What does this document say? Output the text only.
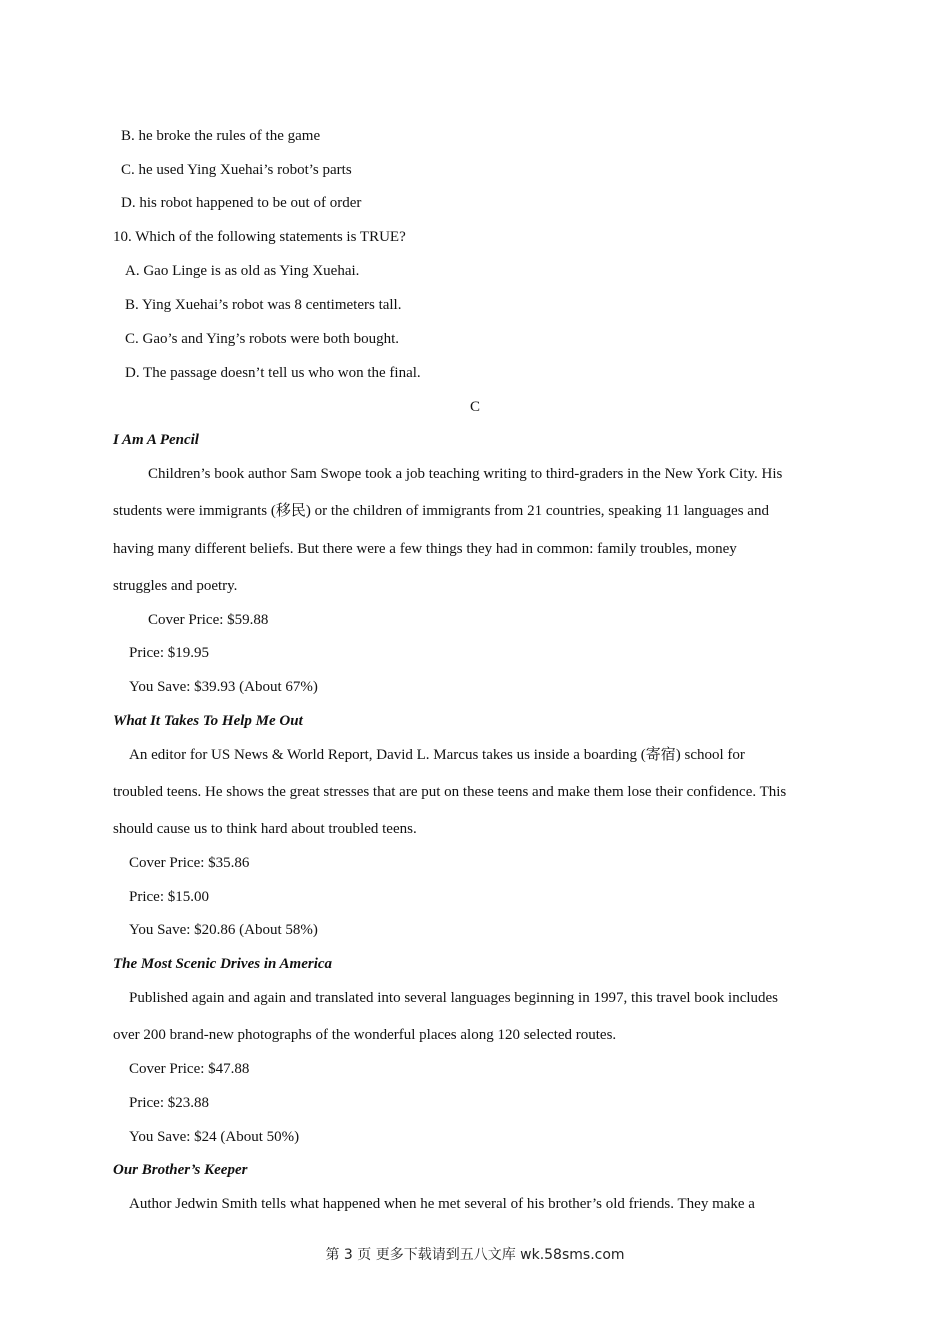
B. he broke the rules of the game
C. he used Ying Xuehai’s robot’s parts
D. his robot happened to be out of order
10. Which of the following statements is TRUE?
A. Gao Linge is as old as Ying Xuehai.
B. Ying Xuehai’s robot was 8 centimeters tall.
C. Gao’s and Ying’s robots were both bought.
D. The passage doesn’t tell us who won the final.
C
I Am A Pencil
Children’s book author Sam Swope took a job teaching writing to third-graders in the New York City. His
students were immigrants (移民) or the children of immigrants from 21 countries, speaking 11 languages and
having many different beliefs. But there were a few things they had in common: family troubles, money
struggles and poetry.
Cover Price: $59.88
Price: $19.95
You Save: $39.93 (About 67%)
What It Takes To Help Me Out
An editor for US News & World Report, David L. Marcus takes us inside a boarding (寄宿) school for
troubled teens. He shows the great stresses that are put on these teens and make them lose their confidence. This
should cause us to think hard about troubled teens.
Cover Price: $35.86
Price: $15.00
You Save: $20.86 (About 58%)
The Most Scenic Drives in America
Published again and again and translated into several languages beginning in 1997, this travel book includes
over 200 brand-new photographs of the wonderful places along 120 selected routes.
Cover Price: $47.88
Price: $23.88
You Save: $24 (About 50%)
Our Brother’s Keeper
Author Jedwin Smith tells what happened when he met several of his brother’s old friends. They make a
第 3 页 更多下载请到五八文库 wk.58sms.com
